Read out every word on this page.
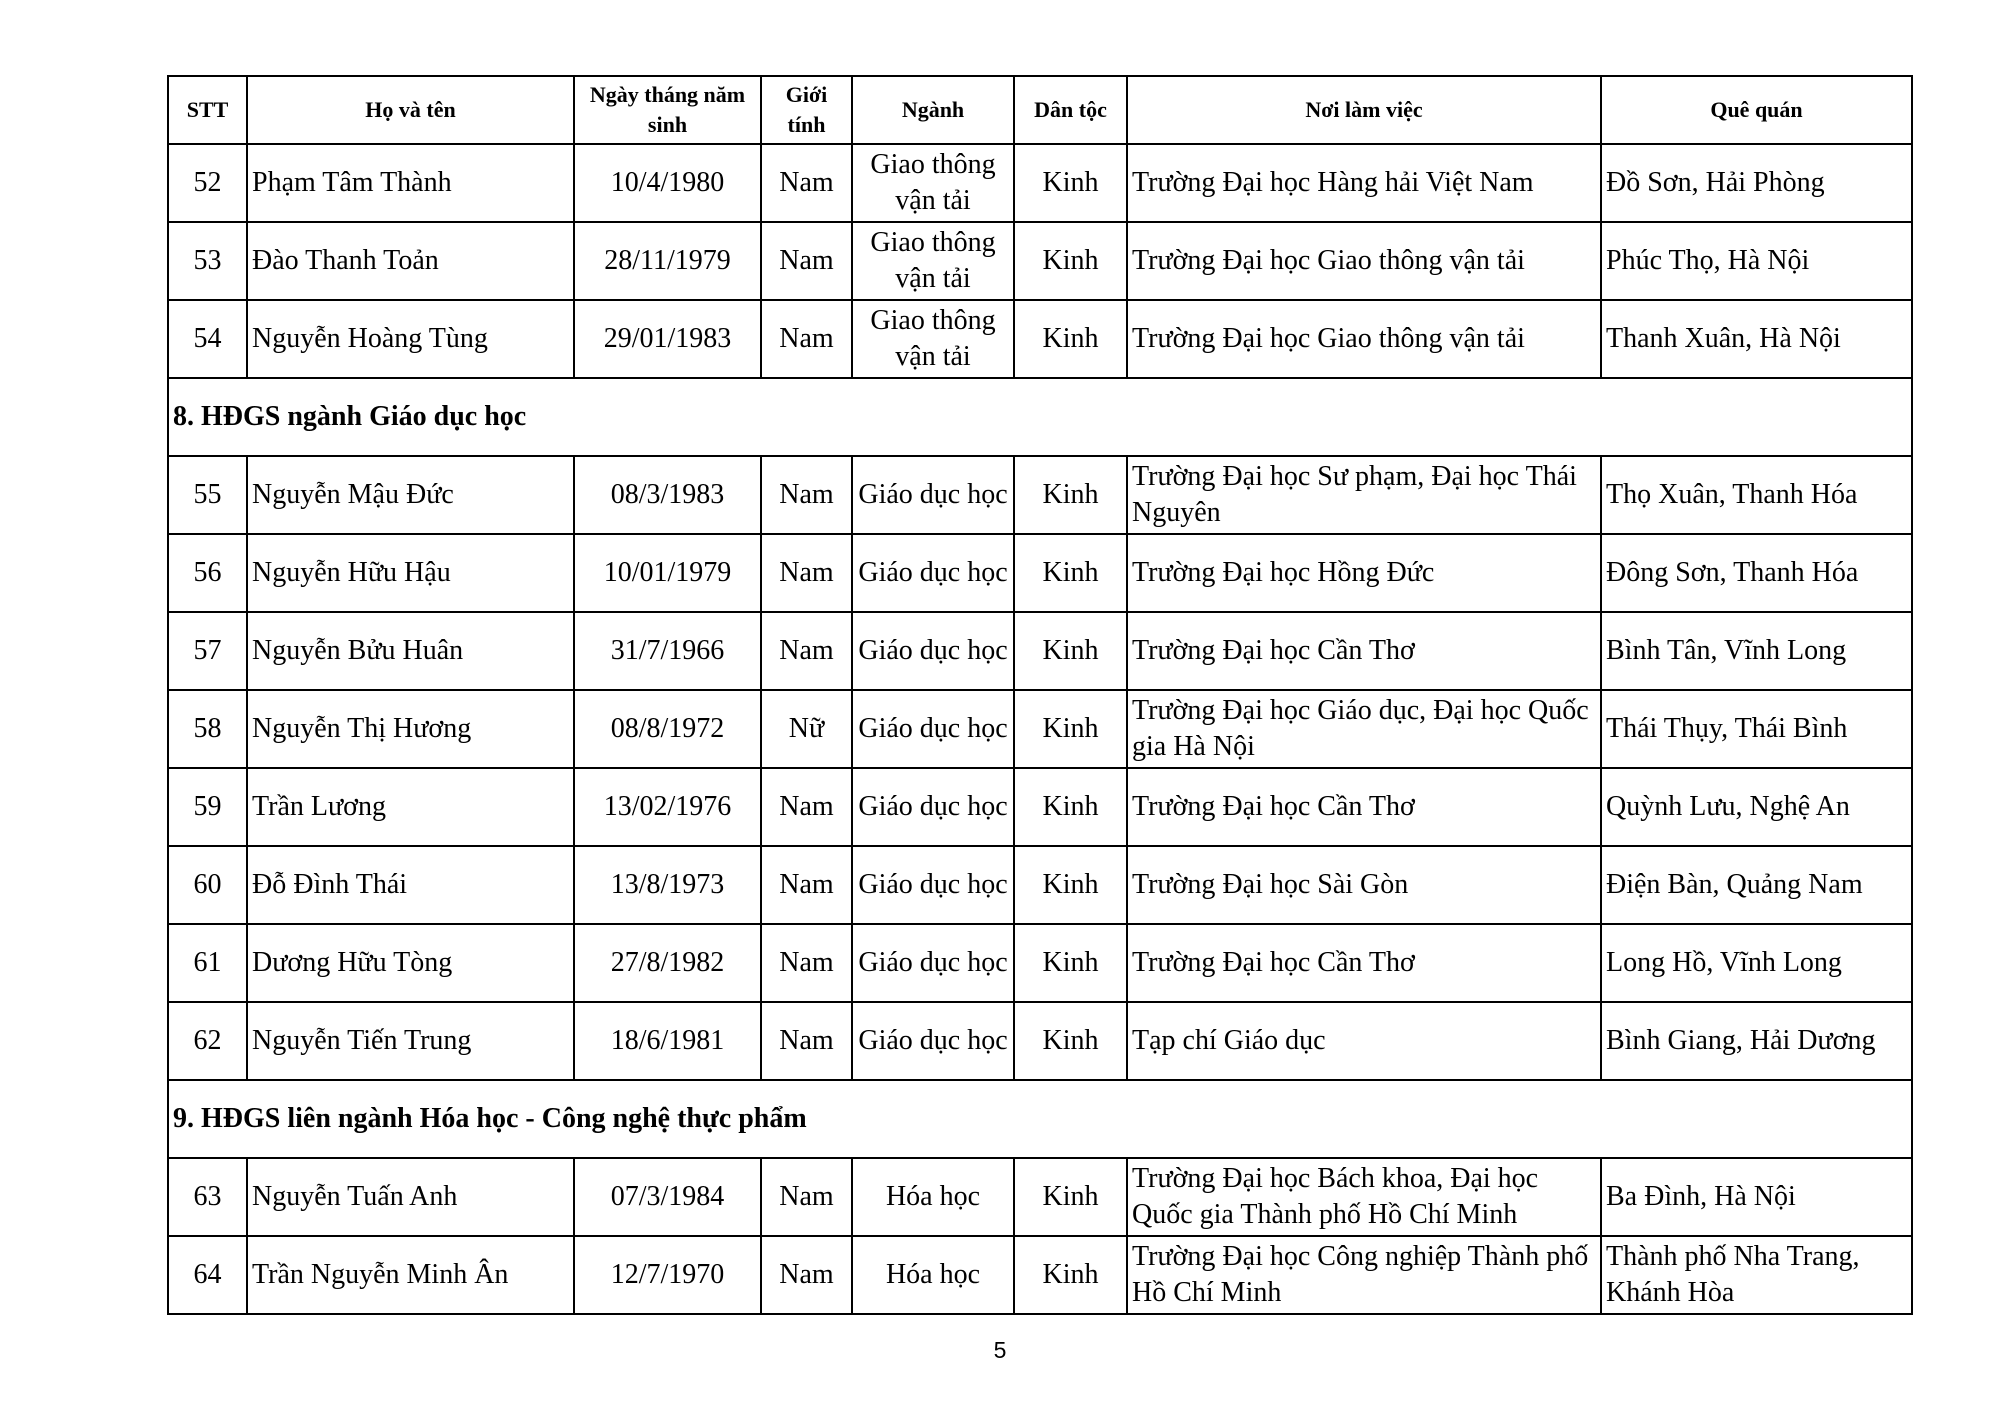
STT	Họ và tên	Ngày tháng năm sinh	Giới tính	Ngành	Dân tộc	Nơi làm việc	Quê quán
52	Phạm Tâm Thành	10/4/1980	Nam	Giao thông vận tải	Kinh	Trường Đại học Hàng hải Việt Nam	Đồ Sơn, Hải Phòng
53	Đào Thanh Toản	28/11/1979	Nam	Giao thông vận tải	Kinh	Trường Đại học Giao thông vận tải	Phúc Thọ, Hà Nội
54	Nguyễn Hoàng Tùng	29/01/1983	Nam	Giao thông vận tải	Kinh	Trường Đại học Giao thông vận tải	Thanh Xuân, Hà Nội
8. HĐGS ngành Giáo dục học							
55	Nguyễn Mậu Đức	08/3/1983	Nam	Giáo dục học	Kinh	Trường Đại học Sư phạm, Đại học Thái Nguyên	Thọ Xuân, Thanh Hóa
56	Nguyễn Hữu Hậu	10/01/1979	Nam	Giáo dục học	Kinh	Trường Đại học Hồng Đức	Đông Sơn, Thanh Hóa
57	Nguyễn Bửu Huân	31/7/1966	Nam	Giáo dục học	Kinh	Trường Đại học Cần Thơ	Bình Tân, Vĩnh Long
58	Nguyễn Thị Hương	08/8/1972	Nữ	Giáo dục học	Kinh	Trường Đại học Giáo dục, Đại học Quốc gia Hà Nội	Thái Thụy, Thái Bình
59	Trần Lương	13/02/1976	Nam	Giáo dục học	Kinh	Trường Đại học Cần Thơ	Quỳnh Lưu, Nghệ An
60	Đỗ Đình Thái	13/8/1973	Nam	Giáo dục học	Kinh	Trường Đại học Sài Gòn	Điện Bàn, Quảng Nam
61	Dương Hữu Tòng	27/8/1982	Nam	Giáo dục học	Kinh	Trường Đại học Cần Thơ	Long Hồ, Vĩnh Long
62	Nguyễn Tiến Trung	18/6/1981	Nam	Giáo dục học	Kinh	Tạp chí Giáo dục	Bình Giang, Hải Dương
9. HĐGS liên ngành Hóa học - Công nghệ thực phẩm							
63	Nguyễn Tuấn Anh	07/3/1984	Nam	Hóa học	Kinh	Trường Đại học Bách khoa, Đại học Quốc gia Thành phố Hồ Chí Minh	Ba Đình, Hà Nội
64	Trần Nguyễn Minh Ân	12/7/1970	Nam	Hóa học	Kinh	Trường Đại học Công nghiệp Thành phố Hồ Chí Minh	Thành phố Nha Trang, Khánh Hòa
5
